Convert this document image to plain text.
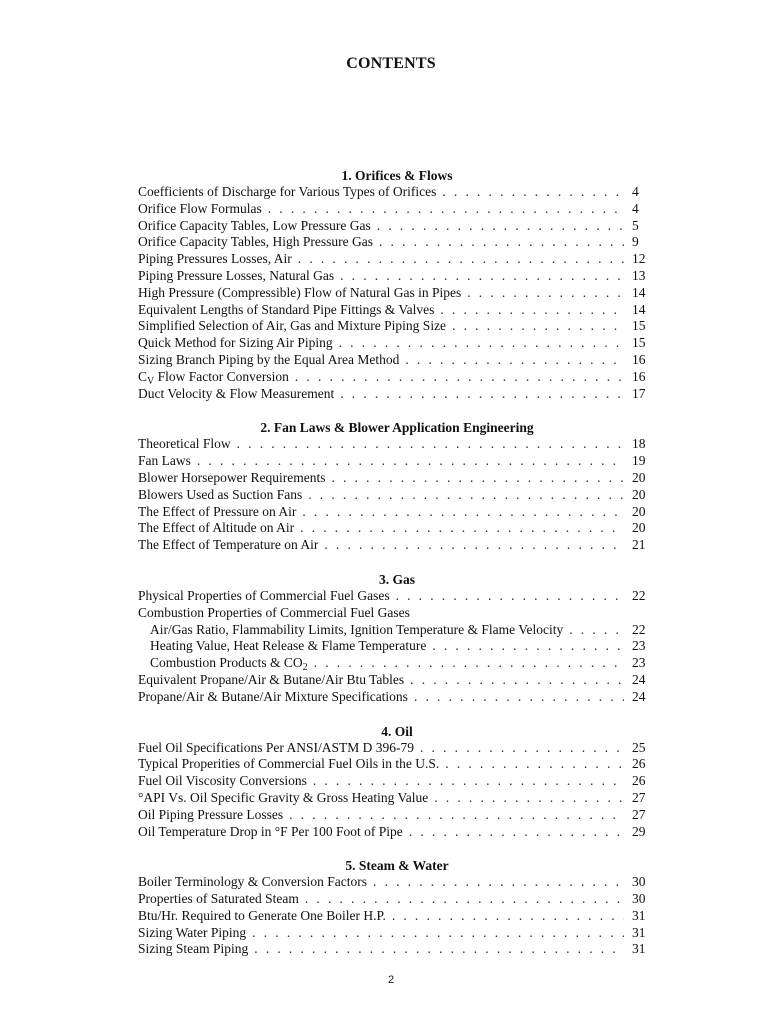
CONTENTS
1. Orifices & Flows
Coefficients of Discharge for Various Types of Orifices . . .	4
Orifice Flow Formulas . . .	4
Orifice Capacity Tables, Low Pressure Gas . . .	5
Orifice Capacity Tables, High Pressure Gas . . .	9
Piping Pressures Losses, Air . . .	12
Piping Pressure Losses, Natural Gas . . .	13
High Pressure (Compressible) Flow of Natural Gas in Pipes . . .	14
Equivalent Lengths of Standard Pipe Fittings & Valves . . .	14
Simplified Selection of Air, Gas and Mixture Piping Size . . .	15
Quick Method for Sizing Air Piping . . .	15
Sizing Branch Piping by the Equal Area Method . . .	16
$C_V$ Flow Factor Conversion . . .	16
Duct Velocity & Flow Measurement . . .	17
2. Fan Laws & Blower Application Engineering
Theoretical Flow . . .	18
Fan Laws . . .	19
Blower Horsepower Requirements . . .	20
Blowers Used as Suction Fans . . .	20
The Effect of Pressure on Air . . .	20
The Effect of Altitude on Air . . .	20
The Effect of Temperature on Air . . .	21
3. Gas
Physical Properties of Commercial Fuel Gases . . .	22
Combustion Properties of Commercial Fuel Gases
Air/Gas Ratio, Flammability Limits, Ignition Temperature & Flame Velocity . . .	22
Heating Value, Heat Release & Flame Temperature . . .	23
Combustion Products & $CO_2$ . . .	23
Equivalent Propane/Air & Butane/Air Btu Tables . . .	24
Propane/Air & Butane/Air Mixture Specifications . . .	24
4. Oil
Fuel Oil Specifications Per ANSI/ASTM D 396-79 . . .	25
Typical Properities of Commercial Fuel Oils in the U.S. . . .	26
Fuel Oil Viscosity Conversions . . .	26
°API Vs. Oil Specific Gravity & Gross Heating Value . . .	27
Oil Piping Pressure Losses . . .	27
Oil Temperature Drop in °F Per 100 Foot of Pipe . . .	29
5. Steam & Water
Boiler Terminology & Conversion Factors . . .	30
Properties of Saturated Steam . . .	30
Btu/Hr. Required to Generate One Boiler H.P. . . .	31
Sizing Water Piping . . .	31
Sizing Steam Piping . . .	31
2
